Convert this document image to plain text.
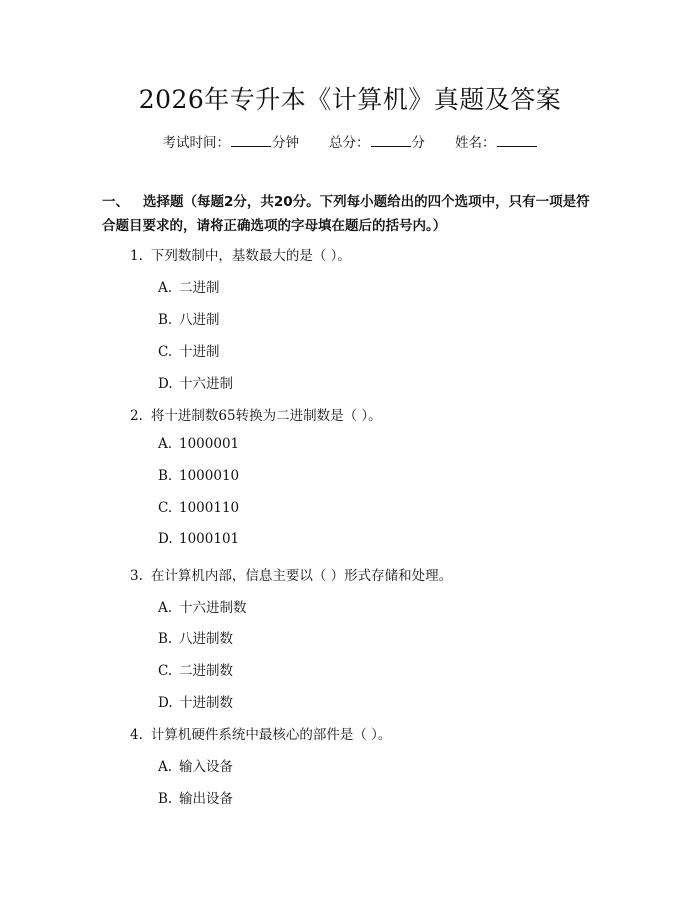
2026年专升本《计算机》真题及答案
考试时间：	分钟 总分：	分 姓名：
一、 选择题（每题2分，共20分。下列每小题给出的四个选项中，只有一项是符合题目要求的，请将正确选项的字母填在题后的括号内。）
1. 下列数制中，基数最大的是（ ）。
A. 二进制
B. 八进制
C. 十进制
D. 十六进制
2. 将十进制数65转换为二进制数是（ ）。
A. 1000001
B. 1000010
C. 1000110
D. 1000101
3. 在计算机内部，信息主要以（ ）形式存储和处理。
A. 十六进制数
B. 八进制数
C. 二进制数
D. 十进制数
4. 计算机硬件系统中最核心的部件是（ ）。
A. 输入设备
B. 输出设备
